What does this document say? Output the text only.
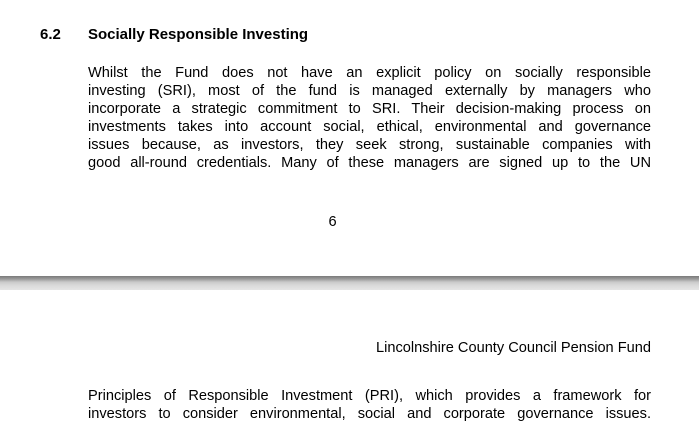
6.2 Socially Responsible Investing
Whilst the Fund does not have an explicit policy on socially responsible
investing (SRI), most of the fund is managed externally by managers who
incorporate a strategic commitment to SRI. Their decision-making process on
investments takes into account social, ethical, environmental and governance
issues because, as investors, they seek strong, sustainable companies with
good all-round credentials. Many of these managers are signed up to the UN
6
Lincolnshire County Council Pension Fund
Principles of Responsible Investment (PRI), which provides a framework for
investors to consider environmental, social and corporate governance issues.
